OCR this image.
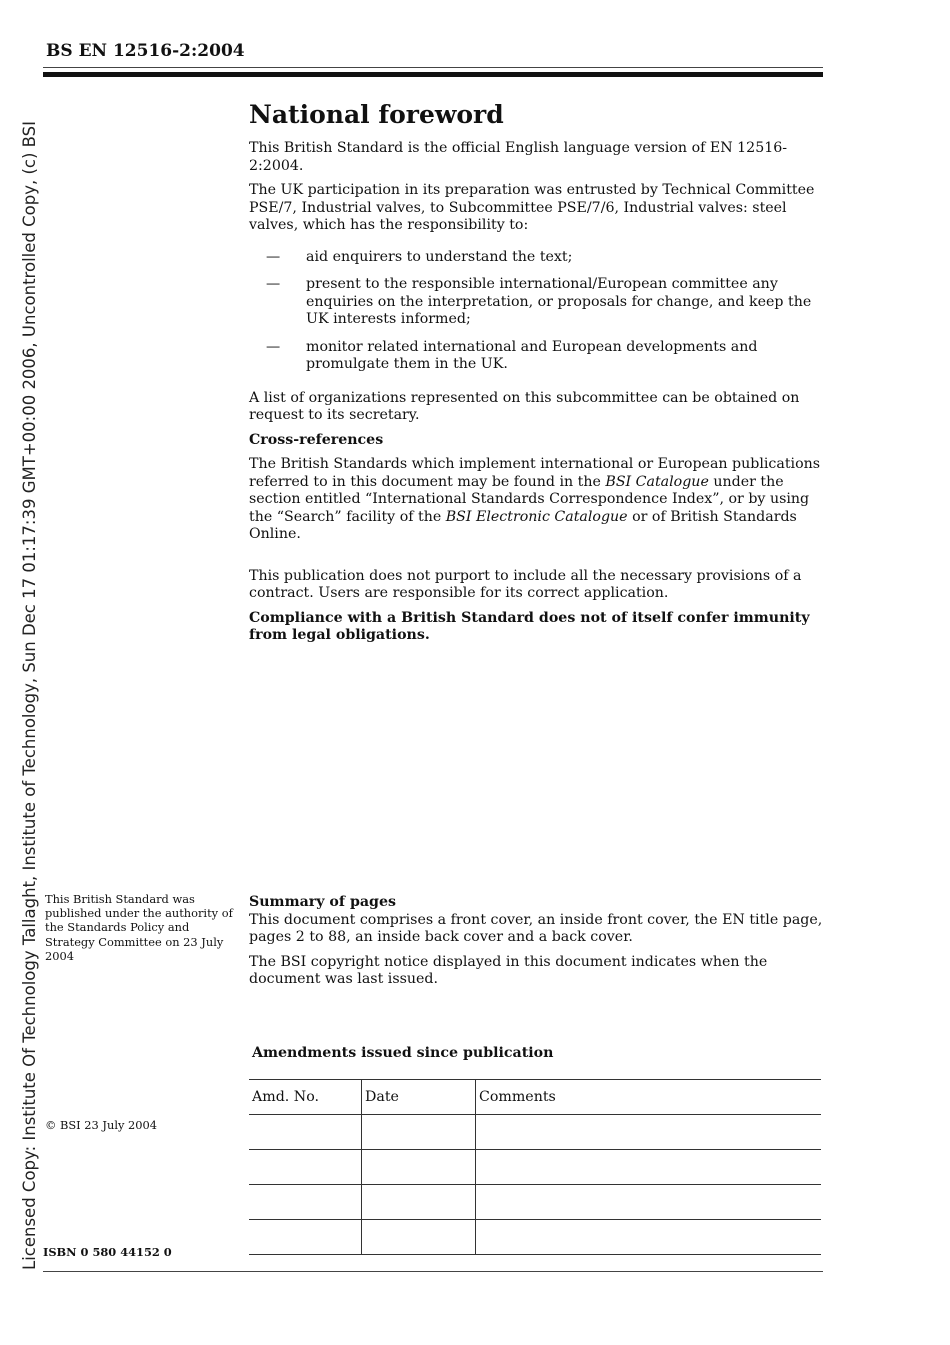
Licensed Copy: Institute Of Technology Tallaght, Institute of Technology, Sun Dec 17 01:17:39 GMT+00:00 2006, Uncontrolled Copy, (c) BSI
BS EN 12516-2:2004
National foreword

This British Standard is the official English language version of EN 12516-2:2004.

The UK participation in its preparation was entrusted by Technical Committee PSE/7, Industrial valves, to Subcommittee PSE/7/6, Industrial valves: steel valves, which has the responsibility to:

— aid enquirers to understand the text;
— present to the responsible international/European committee any enquiries on the interpretation, or proposals for change, and keep the UK interests informed;
— monitor related international and European developments and promulgate them in the UK.

A list of organizations represented on this subcommittee can be obtained on request to its secretary.

Cross-references

The British Standards which implement international or European publications referred to in this document may be found in the BSI Catalogue under the section entitled “International Standards Correspondence Index”, or by using the “Search” facility of the BSI Electronic Catalogue or of British Standards Online.

This publication does not purport to include all the necessary provisions of a contract. Users are responsible for its correct application.

Compliance with a British Standard does not of itself confer immunity from legal obligations.

This British Standard was published under the authority of the Standards Policy and Strategy Committee on 23 July 2004
© BSI 23 July 2004
ISBN 0 580 44152 0

Summary of pages

This document comprises a front cover, an inside front cover, the EN title page, pages 2 to 88, an inside back cover and a back cover.

The BSI copyright notice displayed in this document indicates when the document was last issued.

Amendments issued since publication
Amd. No.	Date	Comments
